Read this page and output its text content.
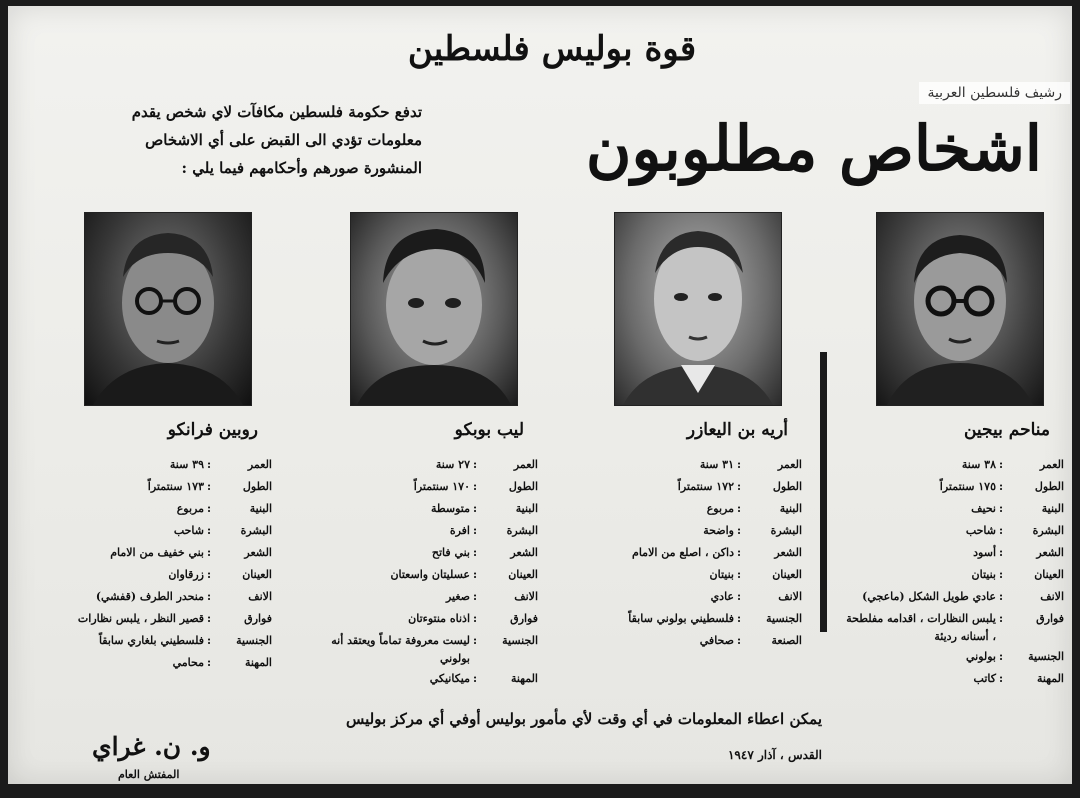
قوة بوليس فلسطين
رشيف فلسطين العربية
اشخاص مطلوبون
تدفع حكومة فلسطين مكافآت لاي شخص يقدم
معلومات تؤدي الى القبض على أي الاشخاص
المنشورة صورهم وأحكامهم فيما يلي :
مناحم بيجين
العمر
:
٣٨ سنة
الطول
:
١٧٥ سنتمتراً
البنية
:
نحيف
البشرة
:
شاحب
الشعر
:
أسود
العينان
:
بنيتان
الانف
:
عادي طويل الشكل (ماعجي)
فوارق
:
يلبس النظارات ، اقدامه مفلطحة ، أسنانه رديئة
الجنسية
:
بولوني
المهنة
:
كاتب
أريه بن اليعازر
العمر
:
٣١ سنة
الطول
:
١٧٢ سنتمتراً
البنية
:
مربوع
البشرة
:
واضحة
الشعر
:
داكن ، اصلع من الامام
العينان
:
بنيتان
الانف
:
عادي
الجنسية
:
فلسطيني بولوني سابقاً
الصنعة
:
صحافي
ليب بوبكو
العمر
:
٢٧ سنة
الطول
:
١٧٠ سنتمتراً
البنية
:
متوسطة
البشرة
:
افرة
الشعر
:
بني فاتح
العينان
:
عسليتان واسعتان
الانف
:
صغير
فوارق
:
اذناه منتوءتان
الجنسية
:
ليست معروفة تماماً ويعتقد أنه بولوني
المهنة
:
ميكانيكي
روبين فرانكو
العمر
:
٣٩ سنة
الطول
:
١٧٣ سنتمتراً
البنية
:
مربوع
البشرة
:
شاحب
الشعر
:
بني خفيف من الامام
العينان
:
زرقاوان
الانف
:
منحدر الطرف (قفشي)
فوارق
:
قصير النظر ، يلبس نظارات
الجنسية
:
فلسطيني بلغاري سابقاً
المهنة
:
محامي
يمكن اعطاء المعلومات في أي وقت لأي مأمور بوليس أوفي أي مركز بوليس
القدس ، آذار ١٩٤٧
و. ن. غراي
المفتش العام
